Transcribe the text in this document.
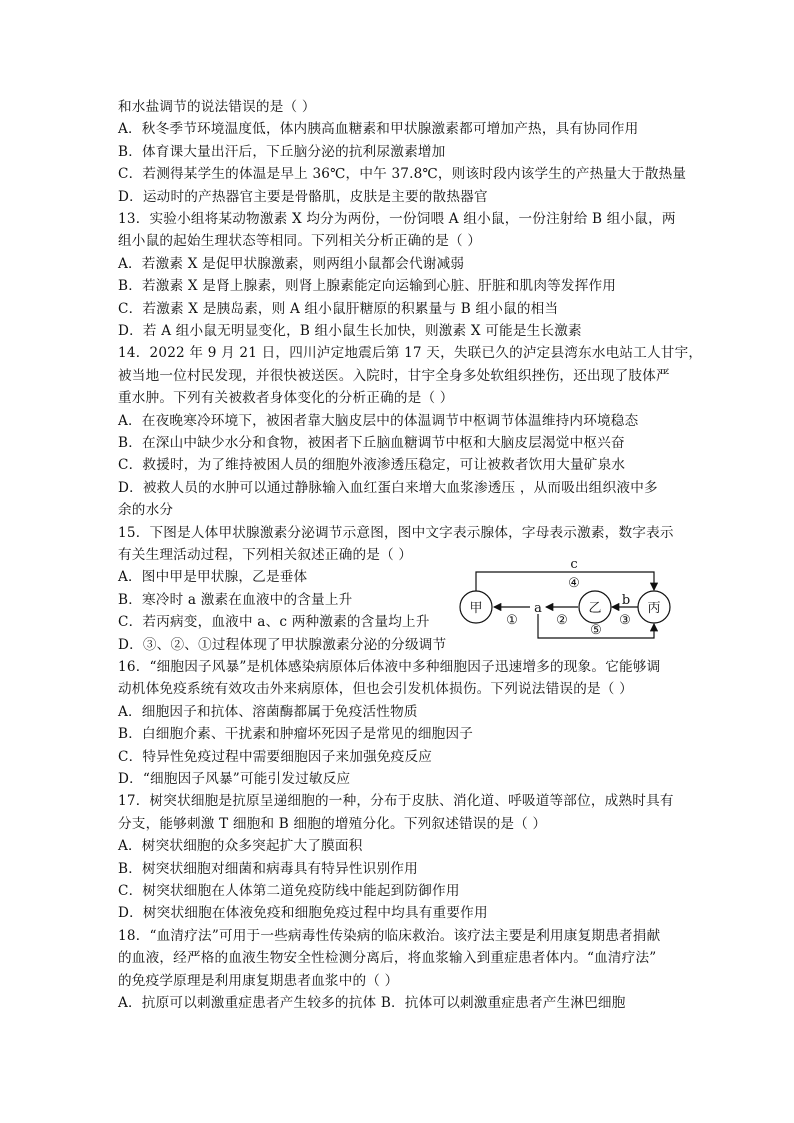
和水盐调节的说法错误的是（ ）
A．秋冬季节环境温度低，体内胰高血糖素和甲状腺激素都可增加产热，具有协同作用
B．体育课大量出汗后，下丘脑分泌的抗利尿激素增加
C．若测得某学生的体温是早上 36℃，中午 37.8℃，则该时段内该学生的产热量大于散热量
D．运动时的产热器官主要是骨骼肌，皮肤是主要的散热器官
13．实验小组将某动物激素 X 均分为两份，一份饲喂 A 组小鼠，一份注射给 B 组小鼠，两
组小鼠的起始生理状态等相同。下列相关分析正确的是（ ）
A．若激素 X 是促甲状腺激素，则两组小鼠都会代谢减弱
B．若激素 X 是肾上腺素，则肾上腺素能定向运输到心脏、肝脏和肌肉等发挥作用
C．若激素 X 是胰岛素，则 A 组小鼠肝糖原的积累量与 B 组小鼠的相当
D．若 A 组小鼠无明显变化，B 组小鼠生长加快，则激素 X 可能是生长激素
14．2022 年 9 月 21 日，四川泸定地震后第 17 天，失联已久的泸定县湾东水电站工人甘宇，
被当地一位村民发现，并很快被送医。入院时，甘宇全身多处软组织挫伤，还出现了肢体严
重水肿。下列有关被救者身体变化的分析正确的是（ ）
A．在夜晚寒冷环境下，被困者靠大脑皮层中的体温调节中枢调节体温维持内环境稳态
B．在深山中缺少水分和食物，被困者下丘脑血糖调节中枢和大脑皮层渴觉中枢兴奋
C．救援时，为了维持被困人员的细胞外液渗透压稳定，可让被救者饮用大量矿泉水
D．被救人员的水肿可以通过静脉输入血红蛋白来增大血浆渗透压 ，从而吸出组织液中多
余的水分
15．下图是人体甲状腺激素分泌调节示意图，图中文字表示腺体，字母表示激素，数字表示
有关生理活动过程，下列相关叙述正确的是（ ）
A．图中甲是甲状腺，乙是垂体
B．寒冷时 a 激素在血液中的含量上升
C．若丙病变，血液中 a、c 两种激素的含量均上升
D．③、②、①过程体现了甲状腺激素分泌的分级调节
16．“细胞因子风暴”是机体感染病原体后体液中多种细胞因子迅速增多的现象。它能够调
动机体免疫系统有效攻击外来病原体，但也会引发机体损伤。下列说法错误的是（ ）
A．细胞因子和抗体、溶菌酶都属于免疫活性物质
B．白细胞介素、干扰素和肿瘤坏死因子是常见的细胞因子
C．特异性免疫过程中需要细胞因子来加强免疫反应
D．“细胞因子风暴”可能引发过敏反应
17．树突状细胞是抗原呈递细胞的一种，分布于皮肤、消化道、呼吸道等部位，成熟时具有
分支，能够刺激 T 细胞和 B 细胞的增殖分化。下列叙述错误的是（ ）
A．树突状细胞的众多突起扩大了膜面积
B．树突状细胞对细菌和病毒具有特异性识别作用
C．树突状细胞在人体第二道免疫防线中能起到防御作用
D．树突状细胞在体液免疫和细胞免疫过程中均具有重要作用
18．“血清疗法”可用于一些病毒性传染病的临床救治。该疗法主要是利用康复期患者捐献
的血液，经严格的血液生物安全性检测分离后，将血浆输入到重症患者体内。“血清疗法”
的免疫学原理是利用康复期患者血浆中的（ ）
A．抗原可以刺激重症患者产生较多的抗体 B．抗体可以刺激重症患者产生淋巴细胞
甲	乙	丙
a
b
c
①	②	③
④
⑤
